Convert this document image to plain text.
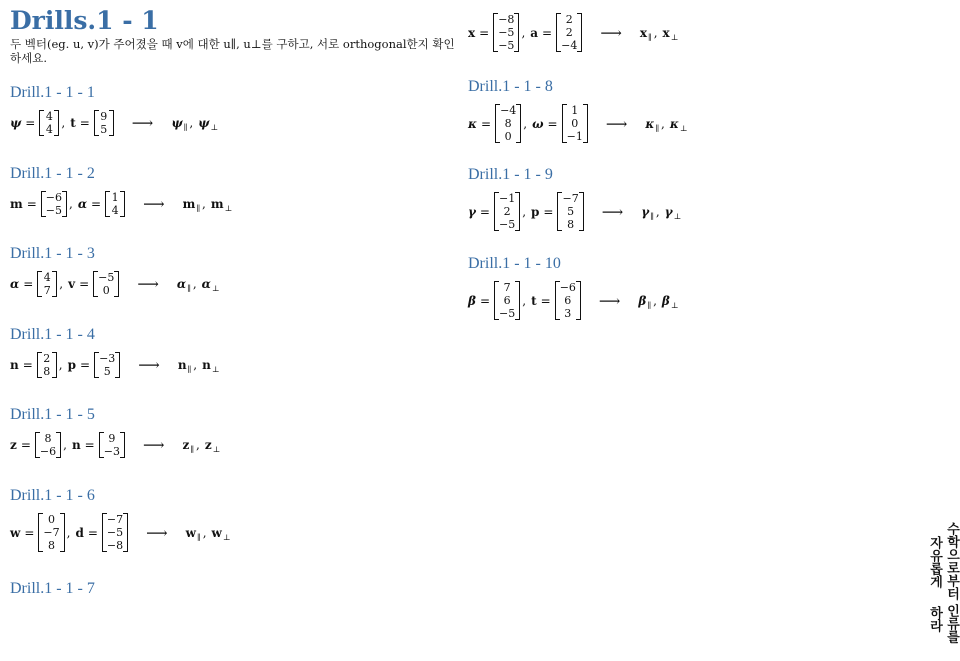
Drills.1 - 1
두 벡터(eg. u, v)가 주어졌을 때 v에 대한 u∥, u⊥를 구하고, 서로 orthogonal한지 확인하세요.
Drill.1 - 1 - 1
ψ = 4
4 , t = 9
5 ⟶ $\psi_\parallel$ , $\psi_\perp$
Drill.1 - 1 - 2
m = −6
−5 , α = 1
4 ⟶ $m_\parallel$ , $m_\perp$
Drill.1 - 1 - 3
α = 4
7 , v = −5
0 ⟶ $\alpha_\parallel$ , $\alpha_\perp$
Drill.1 - 1 - 4
n = 2
8 , p = −3
5 ⟶ $n_\parallel$ , $n_\perp$
Drill.1 - 1 - 5
z = 8
−6 , n = 9
−3 ⟶ $z_\parallel$ , $z_\perp$
Drill.1 - 1 - 6
w =
0
−7
8
, d =
−7
−5
−8
⟶ $w_\parallel$ , $w_\perp$
Drill.1 - 1 - 7
x =
−8
−5
−5
, a =
2
2
−4
⟶ $x_\parallel$ , $x_\perp$
Drill.1 - 1 - 8
κ =
−4
8
0
, ω =
1
0
−1
⟶ $\kappa_\parallel$ , $\kappa_\perp$
Drill.1 - 1 - 9
γ =
−1
2
−5
, p =
−7
5
8
⟶ $\gamma_\parallel$ , $\gamma_\perp$
Drill.1 - 1 - 10
β =
7
6
−5
, t =
−6
6
3
⟶ $\beta_\parallel$ , $\beta_\perp$
수학으로부터
인류를
자유롭게
하라
